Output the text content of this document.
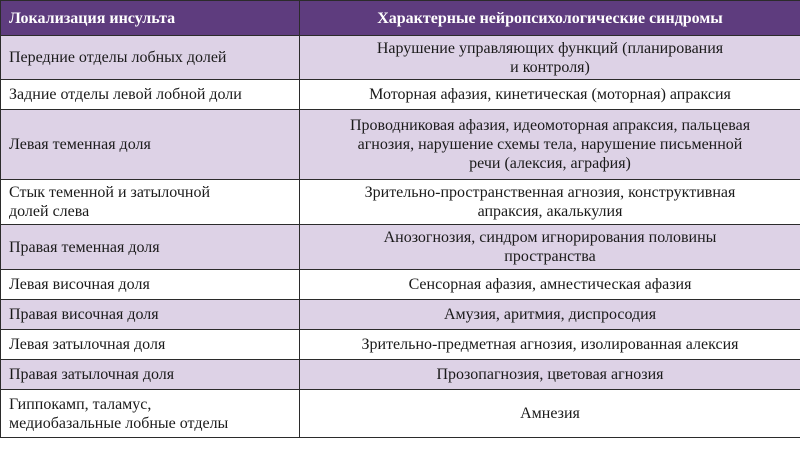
Локализация инсульта	Характерные нейропсихологические синдромы
Передние отделы лобных долей	Нарушение управляющих функций (планирования
и контроля)
Задние отделы левой лобной доли	Моторная афазия, кинетическая (моторная) апраксия
Левая теменная доля	Проводниковая афазия, идеомоторная апраксия, пальцевая
агнозия, нарушение схемы тела, нарушение письменной
речи (алексия, аграфия)
Стык теменной и затылочной
долей слева	Зрительно-пространственная агнозия, конструктивная
апраксия, акалькулия
Правая теменная доля	Анозогнозия, синдром игнорирования половины
пространства
Левая височная доля	Сенсорная афазия, амнестическая афазия
Правая височная доля	Амузия, аритмия, диспросодия
Левая затылочная доля	Зрительно-предметная агнозия, изолированная алексия
Правая затылочная доля	Прозопагнозия, цветовая агнозия
Гиппокамп, таламус,
медиобазальные лобные отделы	Амнезия
